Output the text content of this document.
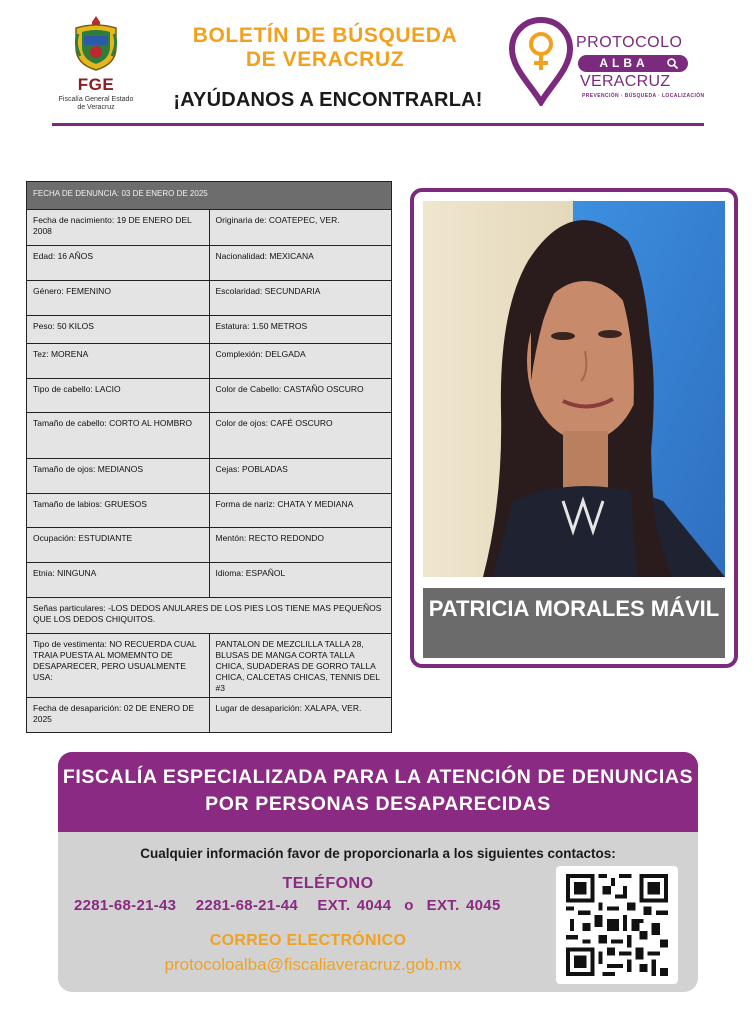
FGE
Fiscalía General Estado de Veracruz
BOLETÍN DE BÚSQUEDA
DE VERACRUZ
¡AYÚDANOS A ENCONTRARLA!
PROTOCOLO
ALBA
VERACRUZ
PREVENCIÓN · BÚSQUEDA · LOCALIZACIÓN
FECHA DE DENUNCIA: 03 DE ENERO DE 2025	
Fecha de nacimiento: 19 DE ENERO DEL 2008	Originaria de: COATEPEC, VER.
Edad: 16 AÑOS	Nacionalidad: MEXICANA
Género: FEMENINO	Escolaridad: SECUNDARIA
Peso: 50 KILOS	Estatura: 1.50 METROS
Tez: MORENA	Complexión: DELGADA
Tipo de cabello: LACIO	Color de Cabello: CASTAÑO OSCURO
Tamaño de cabello: CORTO AL HOMBRO	Color de ojos: CAFÉ OSCURO
Tamaño de ojos: MEDIANOS	Cejas: POBLADAS
Tamaño de labios: GRUESOS	Forma de nariz: CHATA Y MEDIANA
Ocupación: ESTUDIANTE	Mentón: RECTO REDONDO
Etnia: NINGUNA	Idioma: ESPAÑOL
Señas particulares: -LOS DEDOS ANULARES DE LOS PIES LOS TIENE MAS PEQUEÑOS QUE LOS DEDOS CHIQUITOS.	
Tipo de vestimenta: NO RECUERDA CUAL TRAIA PUESTA AL MOMEMNTO DE DESAPARECER, PERO USUALMENTE USA:	PANTALON DE MEZCLILLA TALLA 28, BLUSAS DE MANGA CORTA TALLA CHICA, SUDADERAS DE GORRO TALLA CHICA, CALCETAS CHICAS, TENNIS DEL #3
Fecha de desaparición: 02 DE ENERO DE 2025	Lugar de desaparición: XALAPA, VER.
PATRICIA MORALES MÁVIL
FISCALÍA ESPECIALIZADA PARA LA ATENCIÓN DE DENUNCIAS POR PERSONAS DESAPARECIDAS
Cualquier información favor de proporcionarla a los siguientes contactos:
TELÉFONO
2281-68-21-43   2281-68-21-44   EXT. 4044  o  EXT. 4045
CORREO ELECTRÓNICO
protocoloalba@fiscaliaveracruz.gob.mx
